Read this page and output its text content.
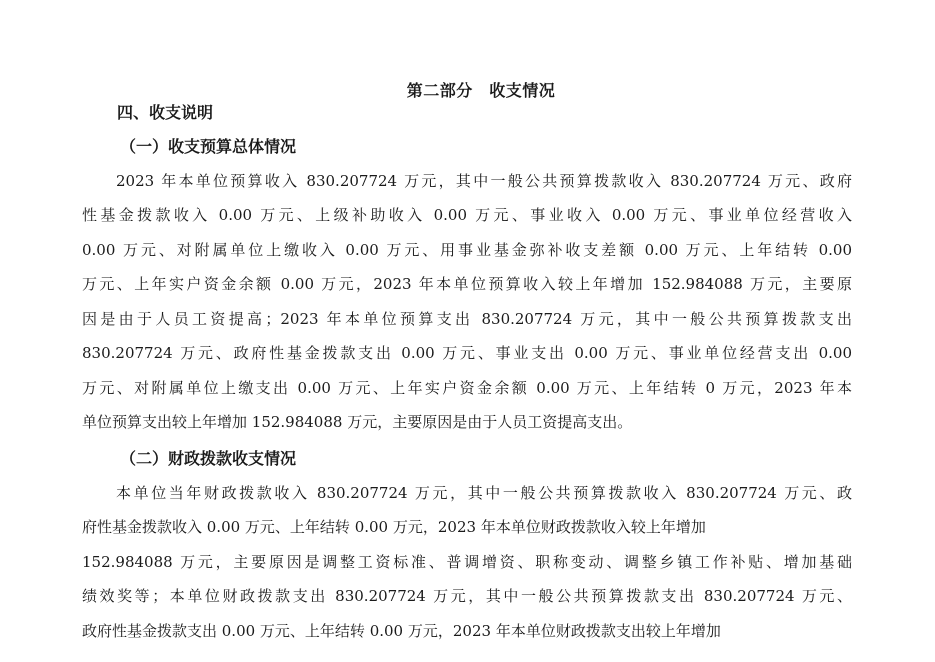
第二部分　收支情况
四、收支说明
（一）收支预算总体情况
2023 年本单位预算收入 830.207724 万元，其中一般公共预算拨款收入 830.207724 万元、政府
性基金拨款收入 0.00 万元、上级补助收入 0.00 万元、事业收入 0.00 万元、事业单位经营收入
0.00 万元、对附属单位上缴收入 0.00 万元、用事业基金弥补收支差额 0.00 万元、上年结转 0.00
万元、上年实户资金余额 0.00 万元，2023 年本单位预算收入较上年增加 152.984088 万元，主要原
因是由于人员工资提高；2023 年本单位预算支出 830.207724 万元，其中一般公共预算拨款支出
830.207724 万元、政府性基金拨款支出 0.00 万元、事业支出 0.00 万元、事业单位经营支出 0.00
万元、对附属单位上缴支出 0.00 万元、上年实户资金余额 0.00 万元、上年结转 0 万元，2023 年本
单位预算支出较上年增加 152.984088 万元，主要原因是由于人员工资提高支出。
（二）财政拨款收支情况
本单位当年财政拨款收入 830.207724 万元，其中一般公共预算拨款收入 830.207724 万元、政
府性基金拨款收入 0.00 万元、上年结转 0.00 万元，2023 年本单位财政拨款收入较上年增加
152.984088 万元，主要原因是调整工资标准、普调增资、职称变动、调整乡镇工作补贴、增加基础
绩效奖等；本单位财政拨款支出 830.207724 万元，其中一般公共预算拨款支出 830.207724 万元、
政府性基金拨款支出 0.00 万元、上年结转 0.00 万元，2023 年本单位财政拨款支出较上年增加
